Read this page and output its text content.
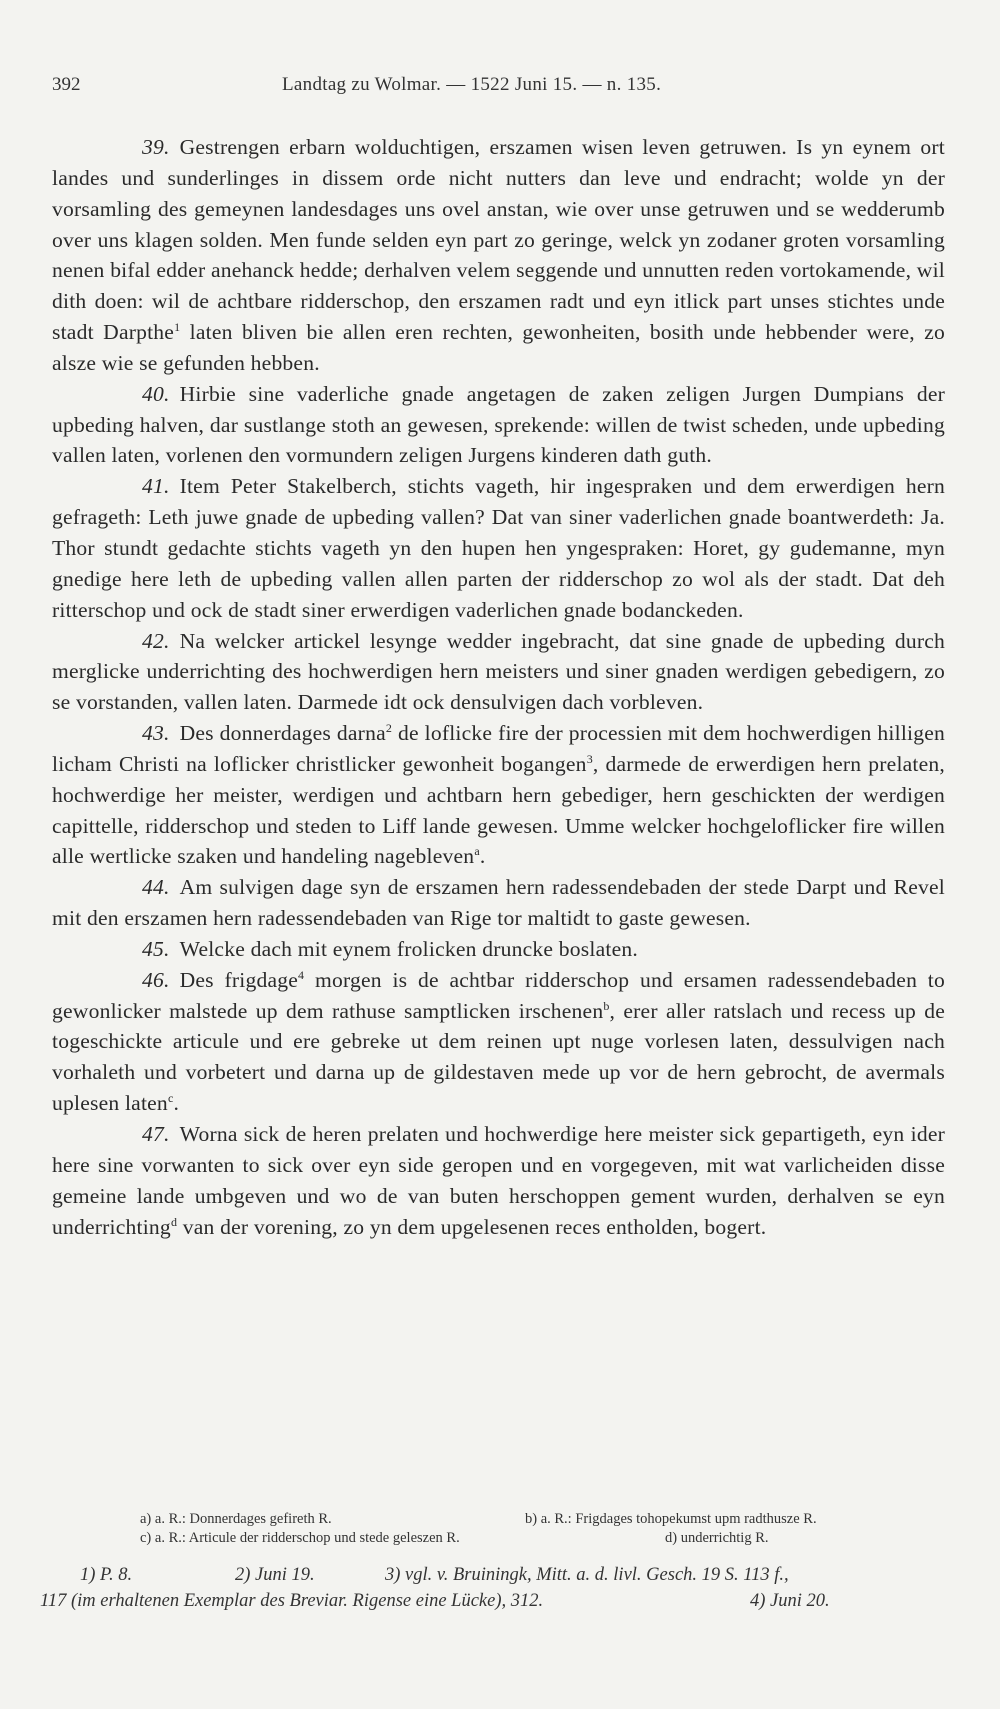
392	Landtag zu Wolmar. — 1522 Juni 15. — n. 135.

39. Gestrengen erbarn wolduchtigen, erszamen wisen leven getruwen. Is yn eynem ort landes und sunderlinges in dissem orde nicht nutters dan leve und endracht; wolde yn der vorsamling des gemeynen landesdages uns ovel anstan, wie over unse getruwen und se wedderumb over uns klagen solden. Men funde selden eyn part zo geringe, welck yn zodaner groten vorsamling nenen bifal edder anehanck hedde; derhalven velem seggende und unnutten reden vortokamende, wil dith doen: wil de achtbare ridderschop, den erszamen radt und eyn itlick part unses stichtes unde stadt Darpthe$^1$ laten bliven bie allen eren rechten, gewonheiten, bosith unde hebbender were, zo alsze wie se gefunden hebben.

40. Hirbie sine vaderliche gnade angetagen de zaken zeligen Jurgen Dumpians der upbeding halven, dar sustlange stoth an gewesen, sprekende: willen de twist scheden, unde upbeding vallen laten, vorlenen den vormundern zeligen Jurgens kinderen dath guth.

41. Item Peter Stakelberch, stichts vageth, hir ingespraken und dem erwerdigen hern gefrageth: Leth juwe gnade de upbeding vallen? Dat van siner vaderlichen gnade boantwerdeth: Ja. Thor stundt gedachte stichts vageth yn den hupen hen yngespraken: Horet, gy gudemanne, myn gnedige here leth de upbeding vallen allen parten der ridderschop zo wol als der stadt. Dat deh ritterschop und ock de stadt siner erwerdigen vaderlichen gnade bodanckeden.

42. Na welcker artickel lesynge wedder ingebracht, dat sine gnade de upbeding durch merglicke underrichting des hochwerdigen hern meisters und siner gnaden werdigen gebedigern, zo se vorstanden, vallen laten. Darmede idt ock densulvigen dach vorbleven.

43. Des donnerdages darna$^2$ de loflicke fire der processien mit dem hochwerdigen hilligen licham Christi na loflicker christlicker gewonheit bogangen$^3$, darmede de erwerdigen hern prelaten, hochwerdige her meister, werdigen und achtbarn hern gebediger, hern geschickten der werdigen capittelle, ridderschop und steden to Liff lande gewesen. Umme welcker hochgeloflicker fire willen alle wertlicke szaken und handeling nagebleven$^a$.

44. Am sulvigen dage syn de erszamen hern radessendebaden der stede Darpt und Revel mit den erszamen hern radessendebaden van Rige tor maltidt to gaste gewesen.

45. Welcke dach mit eynem frolicken druncke boslaten.

46. Des frigdage$^4$ morgen is de achtbar ridderschop und ersamen radessendebaden to gewonlicker malstede up dem rathuse samptlicken irschenen$^b$, erer aller ratslach und recess up de togeschickte articule und ere gebreke ut dem reinen upt nuge vorlesen laten, dessulvigen nach vorhaleth und vorbetert und darna up de gildestaven mede up vor de hern gebrocht, de avermals uplesen laten$^c$.

47. Worna sick de heren prelaten und hochwerdige here meister sick gepartigeth, eyn ider here sine vorwanten to sick over eyn side geropen und en vorgegeven, mit wat varlicheiden disse gemeine lande umbgeven und wo de van buten herschoppen gement wurden, derhalven se eyn underrichting$^d$ van der vorening, zo yn dem upgelesenen reces entholden, bogert.

a) a. R.: Donnerdages gefireth R.	b) a. R.: Frigdages tohopekumst upm radthusze R.
c) a. R.: Articule der ridderschop und stede geleszen R.	d) underrichtig R.
1) P. 8.	2) Juni 19.	3) vgl. v. Bruiningk, Mitt. a. d. livl. Gesch. 19 S. 113 f.,
117 (im erhaltenen Exemplar des Breviar. Rigense eine Lücke), 312.	4) Juni 20.
